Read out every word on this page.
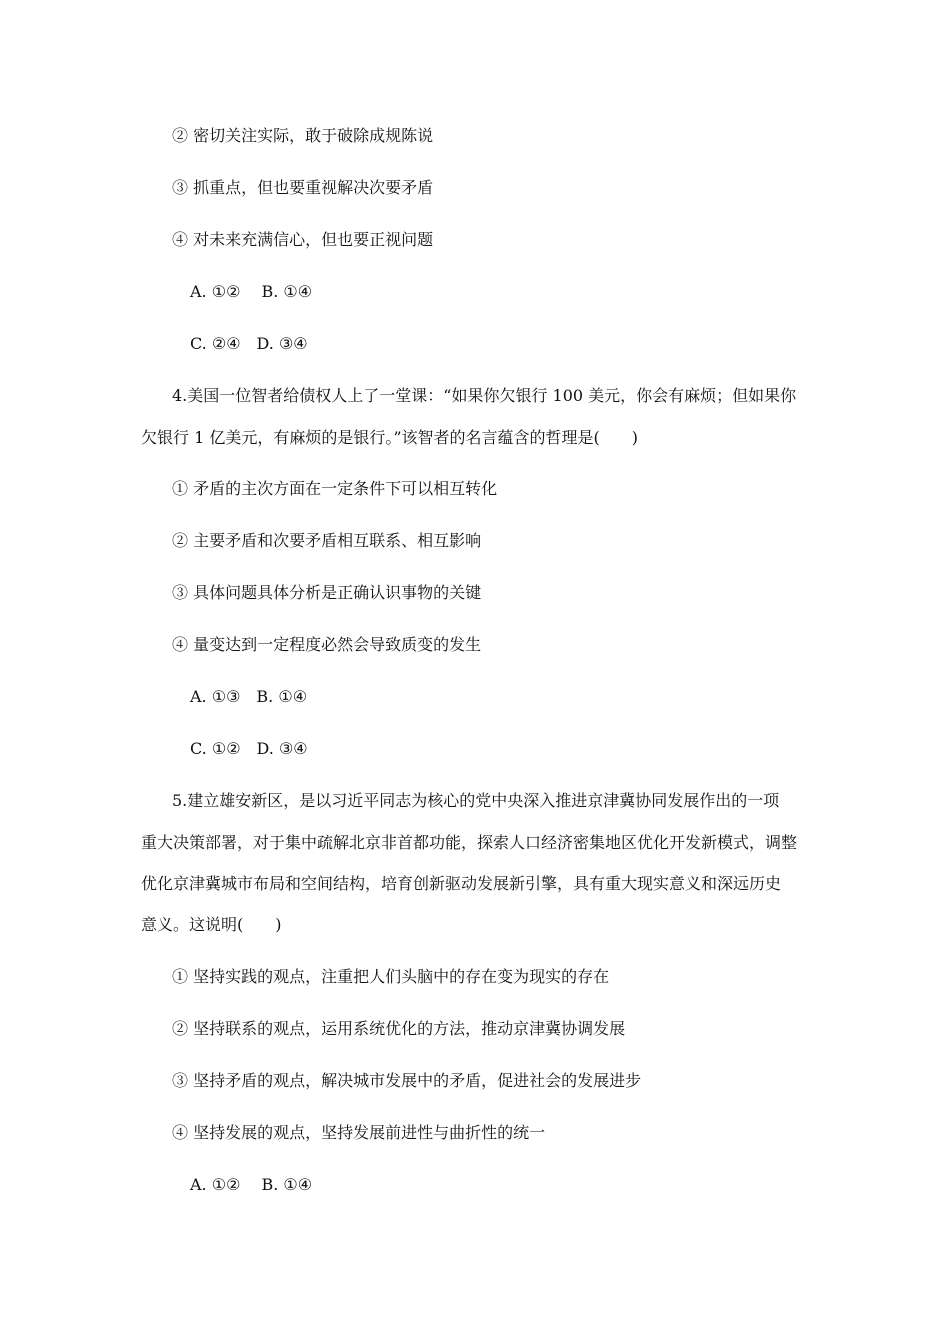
② 密切关注实际，敢于破除成规陈说
③ 抓重点，但也要重视解决次要矛盾
④ 对未来充满信心，但也要正视问题
A. ①②　 B. ①④
C. ②④　D. ③④
4.美国一位智者给债权人上了一堂课：“如果你欠银行 100 美元，你会有麻烦；但如果你
欠银行 1 亿美元，有麻烦的是银行。”该智者的名言蕴含的哲理是(　　)
① 矛盾的主次方面在一定条件下可以相互转化
② 主要矛盾和次要矛盾相互联系、相互影响
③ 具体问题具体分析是正确认识事物的关键
④ 量变达到一定程度必然会导致质变的发生
A. ①③　B. ①④
C. ①②　D. ③④
5.建立雄安新区，是以习近平同志为核心的党中央深入推进京津冀协同发展作出的一项
重大决策部署，对于集中疏解北京非首都功能，探索人口经济密集地区优化开发新模式，调整
优化京津冀城市布局和空间结构，培育创新驱动发展新引擎，具有重大现实意义和深远历史
意义。这说明(　　)
① 坚持实践的观点，注重把人们头脑中的存在变为现实的存在
② 坚持联系的观点，运用系统优化的方法，推动京津冀协调发展
③ 坚持矛盾的观点，解决城市发展中的矛盾，促进社会的发展进步
④ 坚持发展的观点，坚持发展前进性与曲折性的统一
A. ①②　 B. ①④
